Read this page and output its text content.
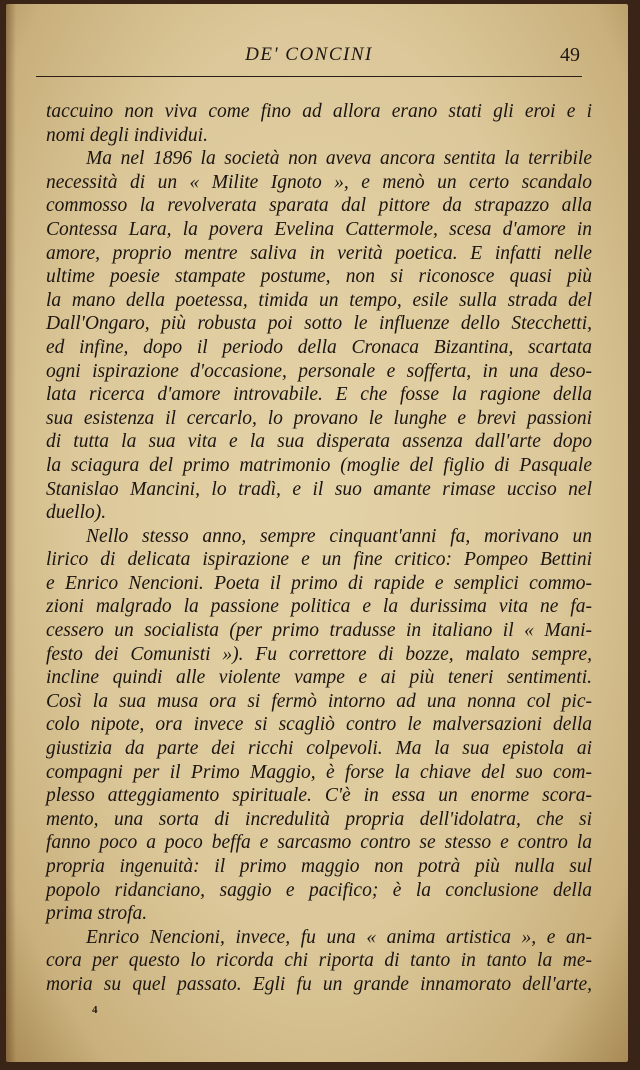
DE' CONCINI	49
taccuino non viva come fino ad allora erano stati gli eroi e i
nomi degli individui.
Ma nel 1896 la società non aveva ancora sentita la terribile
necessità di un « Milite Ignoto », e menò un certo scandalo
commosso la revolverata sparata dal pittore da strapazzo alla
Contessa Lara, la povera Evelina Cattermole, scesa d'amore in
amore, proprio mentre saliva in verità poetica. E infatti nelle
ultime poesie stampate postume, non si riconosce quasi più
la mano della poetessa, timida un tempo, esile sulla strada del
Dall'Ongaro, più robusta poi sotto le influenze dello Stecchetti,
ed infine, dopo il periodo della Cronaca Bizantina, scartata
ogni ispirazione d'occasione, personale e sofferta, in una deso-
lata ricerca d'amore introvabile. E che fosse la ragione della
sua esistenza il cercarlo, lo provano le lunghe e brevi passioni
di tutta la sua vita e la sua disperata assenza dall'arte dopo
la sciagura del primo matrimonio (moglie del figlio di Pasquale
Stanislao Mancini, lo tradì, e il suo amante rimase ucciso nel
duello).
Nello stesso anno, sempre cinquant'anni fa, morivano un
lirico di delicata ispirazione e un fine critico: Pompeo Bettini
e Enrico Nencioni. Poeta il primo di rapide e semplici commo-
zioni malgrado la passione politica e la durissima vita ne fa-
cessero un socialista (per primo tradusse in italiano il « Mani-
festo dei Comunisti »). Fu correttore di bozze, malato sempre,
incline quindi alle violente vampe e ai più teneri sentimenti.
Così la sua musa ora si fermò intorno ad una nonna col pic-
colo nipote, ora invece si scagliò contro le malversazioni della
giustizia da parte dei ricchi colpevoli. Ma la sua epistola ai
compagni per il Primo Maggio, è forse la chiave del suo com-
plesso atteggiamento spirituale. C'è in essa un enorme scora-
mento, una sorta di incredulità propria dell'idolatra, che si
fanno poco a poco beffa e sarcasmo contro se stesso e contro la
propria ingenuità: il primo maggio non potrà più nulla sul
popolo ridanciano, saggio e pacifico; è la conclusione della
prima strofa.
Enrico Nencioni, invece, fu una « anima artistica », e an-
cora per questo lo ricorda chi riporta di tanto in tanto la me-
moria su quel passato. Egli fu un grande innamorato dell'arte,
4
